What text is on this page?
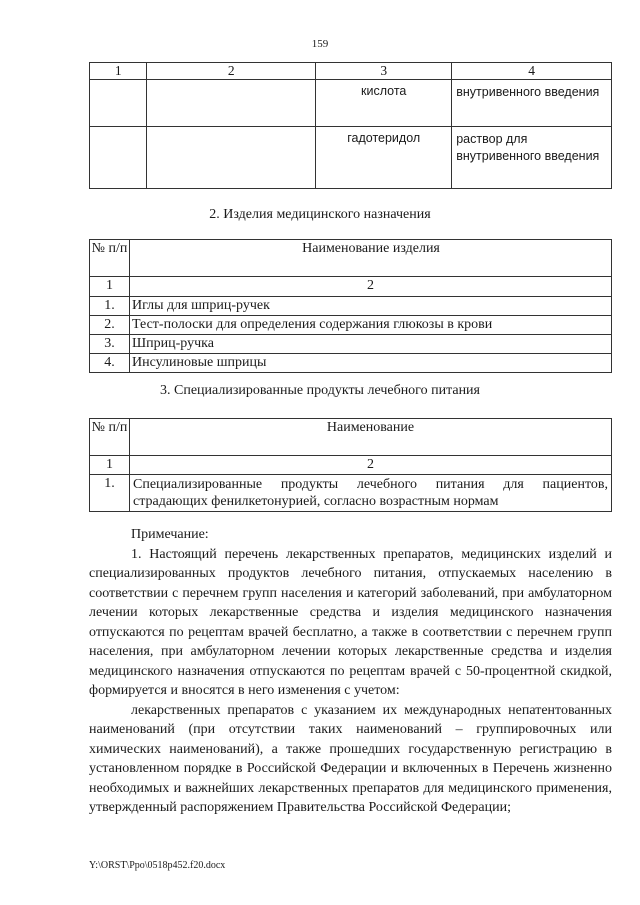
159
1	2	3	4
		кислота	внутривенного введения
		гадотеридол	раствор для внутривенного введения
2. Изделия медицинского назначения
№ п/п	Наименование изделия
1	2
1.	Иглы для шприц-ручек
2.	Тест-полоски для определения содержания глюкозы в крови
3.	Шприц-ручка
4.	Инсулиновые шприцы
3. Специализированные продукты лечебного питания
№ п/п	Наименование
1	2
1.	Специализированные продукты лечебного питания для пациентов, страдающих фенилкетонурией, согласно возрастным нормам

Примечание:

1. Настоящий перечень лекарственных препаратов, медицинских изделий и специализированных продуктов лечебного питания, отпускаемых населению в соответствии с перечнем групп населения и категорий заболеваний, при амбулаторном лечении которых лекарственные средства и изделия медицинского назначения отпускаются по рецептам врачей бесплатно, а также в соответствии с перечнем групп населения, при амбулаторном лечении которых лекарственные средства и изделия медицинского назначения отпускаются по рецептам врачей с 50-процентной скидкой, формируется и вносятся в него изменения с учетом:

лекарственных препаратов с указанием их международных непатентованных наименований (при отсутствии таких наименований – группировочных или химических наименований), а также прошедших государственную регистрацию в установленном порядке в Российской Федерации и включенных в Перечень жизненно необходимых и важнейших лекарственных препаратов для медицинского применения, утвержденный распоряжением Правительства Российской Федерации;

Y:\ORST\Ppo\0518p452.f20.docx
